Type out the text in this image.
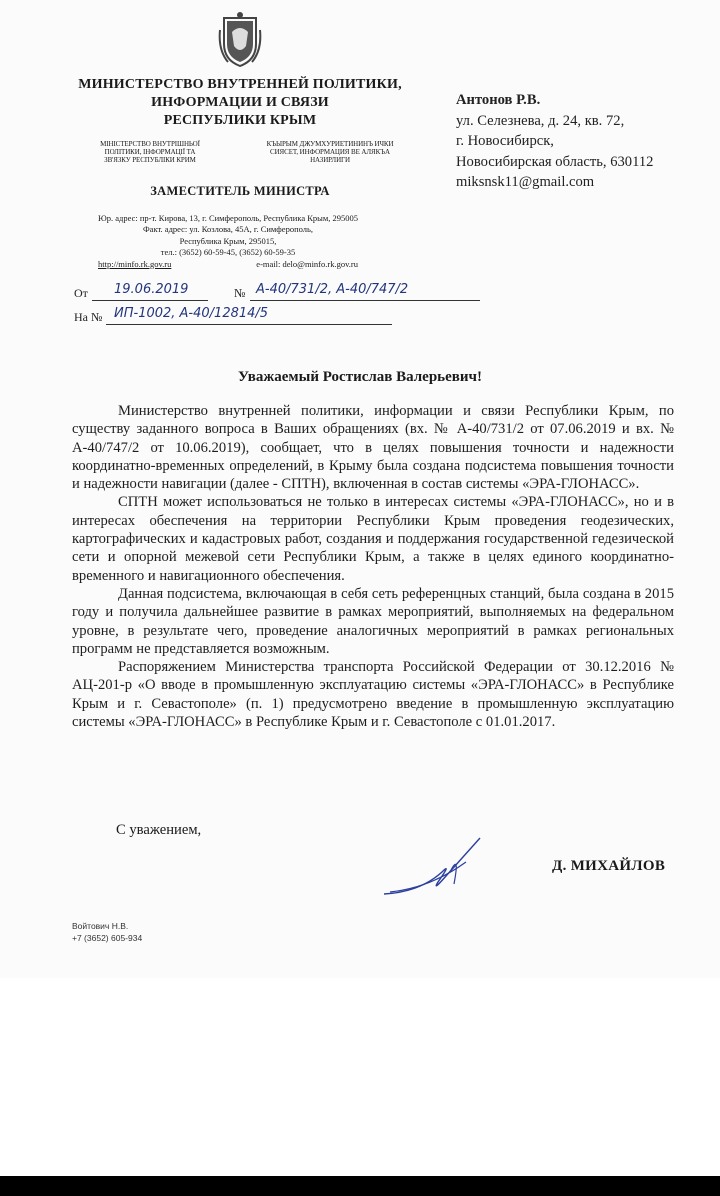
МИНИСТЕРСТВО ВНУТРЕННЕЙ ПОЛИТИКИ,
ИНФОРМАЦИИ И СВЯЗИ
РЕСПУБЛИКИ КРЫМ
МІНІСТЕРСТВО ВНУТРІШНЬОЇ
ПОЛІТИКИ, ІНФОРМАЦІЇ ТА
ЗВ'ЯЗКУ РЕСПУБЛІКИ КРИМ
КЪЫРЫМ ДЖУМХУРИЕТИНИНЪ ИЧКИ
СИЯСЕТ, ИНФОРМАЦИЯ ВЕ АЛЯКЪА
НАЗИРЛИГИ
ЗАМЕСТИТЕЛЬ МИНИСТРА
Юр. адрес: пр-т. Кирова, 13, г. Симферополь, Республика Крым, 295005
Факт. адрес: ул. Козлова, 45А, г. Симферополь,
Республика Крым, 295015,
тел.: (3652) 60-59-45, (3652) 60-59-35
http://minfo.rk.gov.ru	e-mail: delo@minfo.rk.gov.ru
Антонов Р.В.
ул. Селезнева, д. 24, кв. 72,
г. Новосибирск,
Новосибирская область, 630112
miksnsk11@gmail.com
От 19.06.2019	№ А-40/731/2, А-40/747/2
На № ИП-1002, А-40/12814/5
Уважаемый Ростислав Валерьевич!

Министерство внутренней политики, информации и связи Республики Крым, по существу заданного вопроса в Ваших обращениях (вх. № А-40/731/2 от 07.06.2019 и вх. № А-40/747/2 от 10.06.2019), сообщает, что в целях повышения точности и надежности координатно-временных определений, в Крыму была создана подсистема повышения точности и надежности навигации (далее - СПТН), включенная в состав системы «ЭРА-ГЛОНАСС».

СПТН может использоваться не только в интересах системы «ЭРА-ГЛОНАСС», но и в интересах обеспечения на территории Республики Крым проведения геодезических, картографических и кадастровых работ, создания и поддержания государственной гедезической сети и опорной межевой сети Республики Крым, а также в целях единого координатно-временного и навигационного обеспечения.

Данная подсистема, включающая в себя сеть референцных станций, была создана в 2015 году и получила дальнейшее развитие в рамках мероприятий, выполняемых на федеральном уровне, в результате чего, проведение аналогичных мероприятий в рамках региональных программ не представляется возможным.

Распоряжением Министерства транспорта Российской Федерации от 30.12.2016 № АЦ-201-р «О вводе в промышленную эксплуатацию системы «ЭРА-ГЛОНАСС» в Республике Крым и г. Севастополе» (п. 1) предусмотрено введение в промышленную эксплуатацию системы «ЭРА-ГЛОНАСС» в Республике Крым и г. Севастополе с 01.01.2017.

С уважением,
Д. МИХАЙЛОВ
Войтович Н.В.
+7 (3652) 605-934
